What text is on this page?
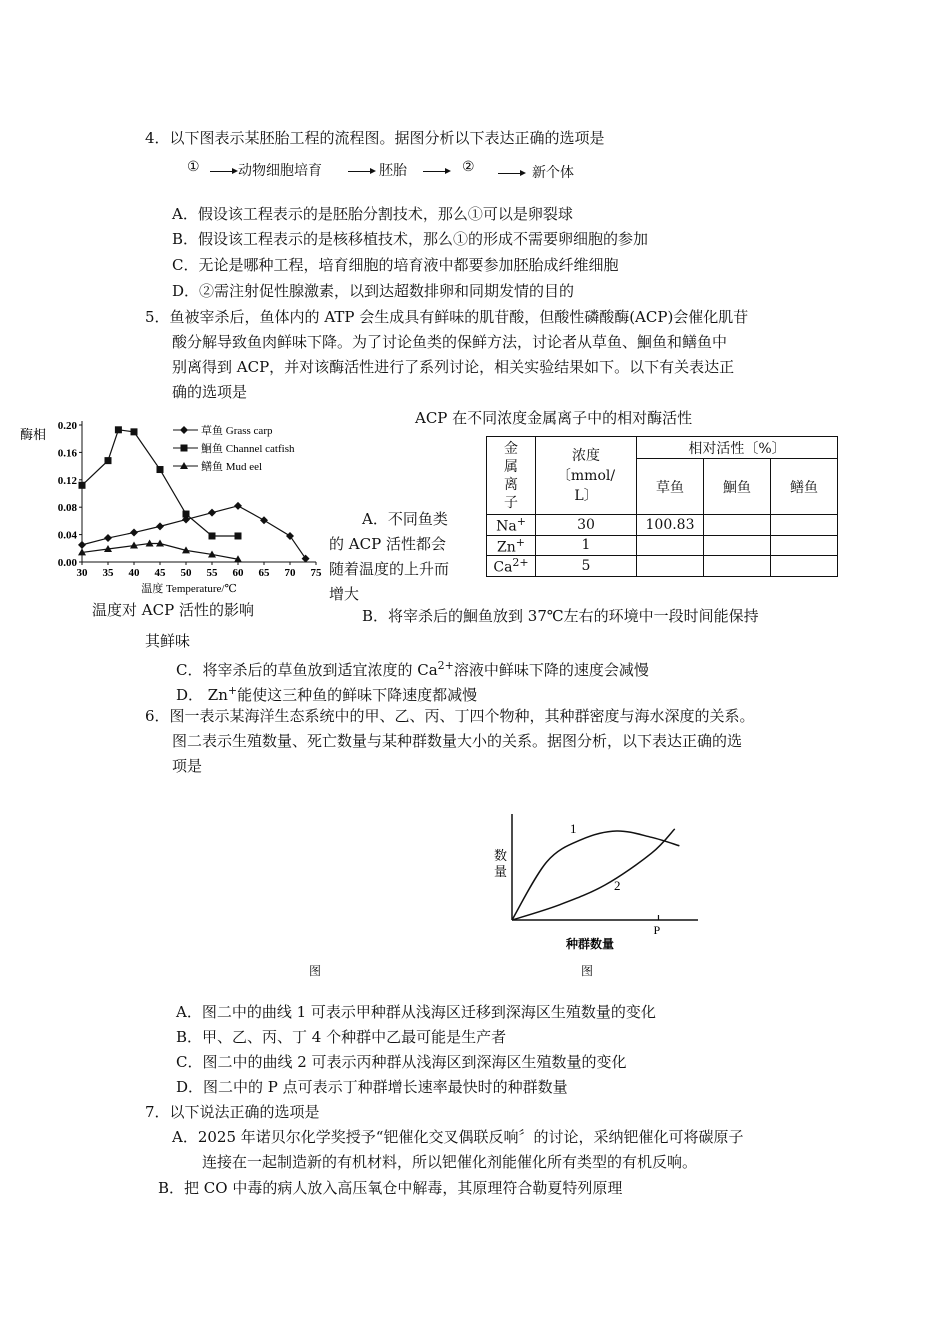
4．以下图表示某胚胎工程的流程图。据图分析以下表达正确的选项是
①	动物细胞培育	胚胎	②	新个体
A．假设该工程表示的是胚胎分割技术，那么①可以是卵裂球
B．假设该工程表示的是核移植技术，那么①的形成不需要卵细胞的参加
C．无论是哪种工程，培育细胞的培育液中都要参加胚胎成纤维细胞
D．②需注射促性腺激素，以到达超数排卵和同期发情的目的
5．鱼被宰杀后，鱼体内的 ATP 会生成具有鲜味的肌苷酸，但酸性磷酸酶(ACP)会催化肌苷
酸分解导致鱼肉鲜味下降。为了讨论鱼类的保鲜方法，讨论者从草鱼、鮰鱼和鳝鱼中
别离得到 ACP，并对该酶活性进行了系列讨论，相关实验结果如下。以下有关表达正
确的选项是
酶相
0.00
0.04
0.08
0.12
0.16
0.20
30 35 40 45 50 55 60 65 70 75
温度 Temperature/℃
草鱼 Grass carp
鮰鱼 Channel catfish
鳝鱼 Mud eel
温度对 ACP 活性的影响
ACP 在不同浓度金属离子中的相对酶活性
金
属
离
子	浓度
〔mmol/
L〕	相对活性〔%〕		
		草鱼	鮰鱼	鳝鱼
Na+	30	100.83		
Zn+	1			
$Ca^{2+}$	5			
A．不同鱼类
的 ACP 活性都会
随着温度的上升而
增大
B．将宰杀后的鮰鱼放到 37℃左右的环境中一段时间能保持
其鲜味
C．将宰杀后的草鱼放到适宜浓度的 $Ca^{2+}$溶液中鲜味下降的速度会减慢
D． Zn+能使这三种鱼的鲜味下降速度都减慢
6．图一表示某海洋生态系统中的甲、乙、丙、丁四个物种，其种群密度与海水深度的关系。
图二表示生殖数量、死亡数量与某种群数量大小的关系。据图分析，以下表达正确的选
项是
数
量
种群数量
P
1
2
图	图
A．图二中的曲线 1 可表示甲种群从浅海区迁移到深海区生殖数量的变化
B．甲、乙、丙、丁 4 个种群中乙最可能是生产者
C．图二中的曲线 2 可表示丙种群从浅海区到深海区生殖数量的变化
D．图二中的 P 点可表示丁种群增长速率最快时的种群数量
7．以下说法正确的选项是
A．2025 年诺贝尔化学奖授予“钯催化交叉偶联反响〞的讨论，采纳钯催化可将碳原子
连接在一起制造新的有机材料，所以钯催化剂能催化所有类型的有机反响。
B．把 CO 中毒的病人放入高压氧仓中解毒，其原理符合勒夏特列原理
